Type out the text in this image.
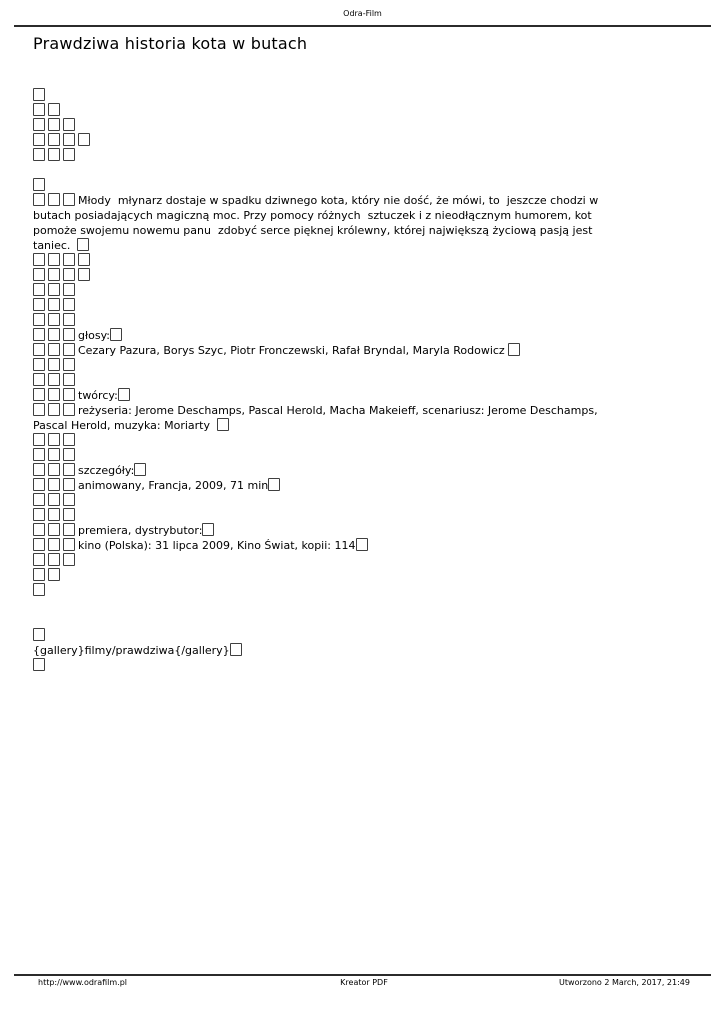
Odra-Film
Prawdziwa historia kota w butach
Młody  młynarz dostaje w spadku dziwnego kota, który nie dość, że mówi, to  jeszcze chodzi w
butach posiadających magiczną moc. Przy pomocy różnych  sztuczek i z nieodłącznym humorem, kot
pomoże swojemu nowemu panu  zdobyć serce pięknej królewny, której największą życiową pasją jest
taniec.
głosy:
Cezary Pazura, Borys Szyc, Piotr Fronczewski, Rafał Bryndal, Maryla Rodowicz
twórcy:
reżyseria: Jerome Deschamps, Pascal Herold, Macha Makeieff, scenariusz: Jerome Deschamps,
Pascal Herold, muzyka: Moriarty
szczegóły:
animowany, Francja, 2009, 71 min
premiera, dystrybutor:
kino (Polska): 31 lipca 2009, Kino Świat, kopii: 114
{gallery}filmy/prawdziwa{/gallery}
http://www.odrafilm.pl	Kreator PDF	Utworzono 2 March, 2017, 21:49
